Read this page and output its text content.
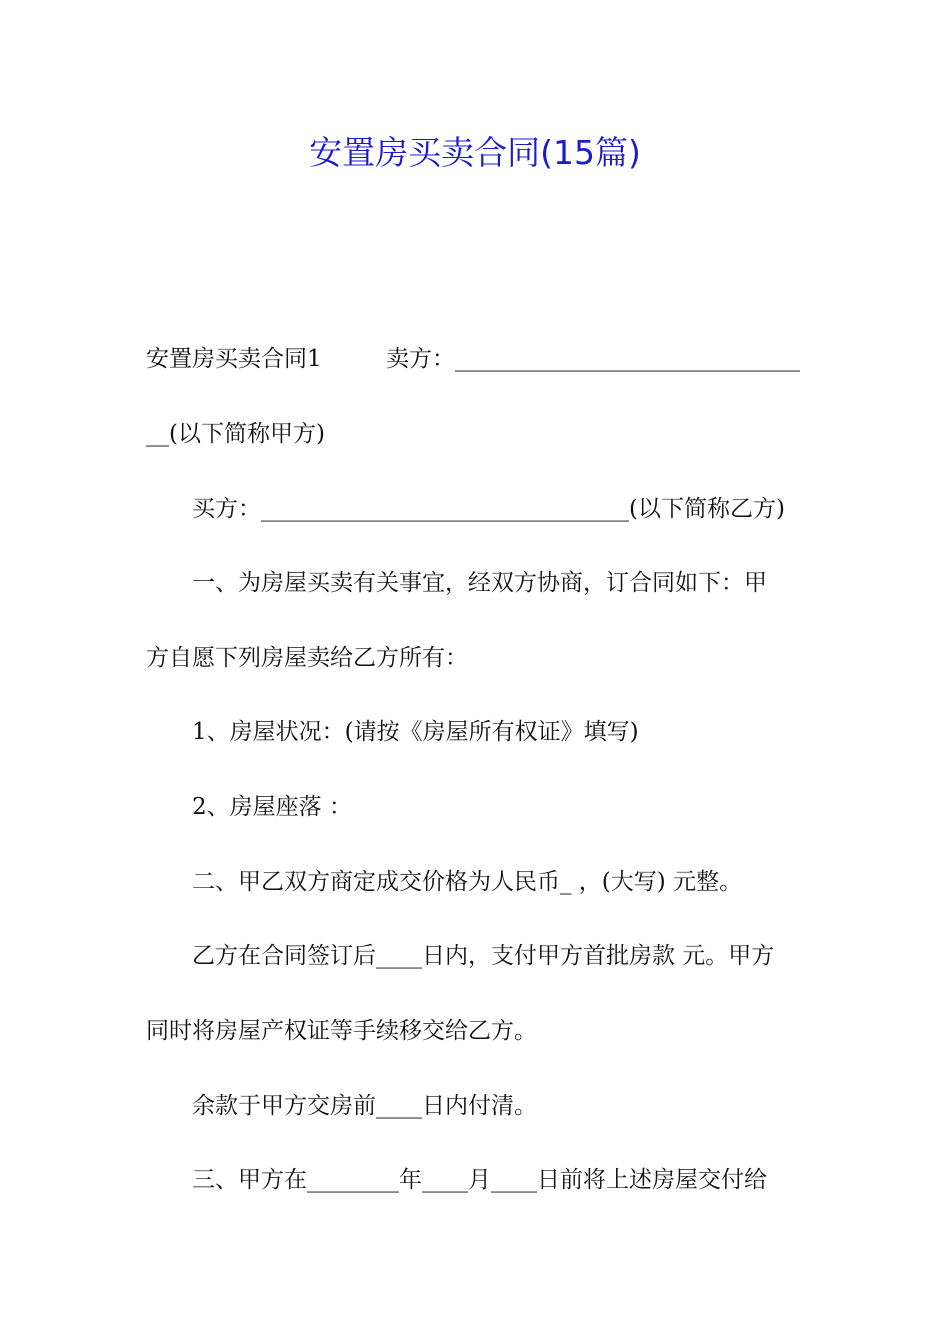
安置房买卖合同(15篇)
安置房买卖合同1	卖方：______________________________
__(以下简称甲方)
买方：________________________________(以下简称乙方)
一、为房屋买卖有关事宜，经双方协商，订合同如下：甲
方自愿下列房屋卖给乙方所有：
1、房屋状况：(请按《房屋所有权证》填写)
2、房屋座落 ：
二、甲乙双方商定成交价格为人民币_ ，(大写) 元整。
乙方在合同签订后____日内，支付甲方首批房款 元。甲方
同时将房屋产权证等手续移交给乙方。
余款于甲方交房前____日内付清。
三、甲方在________年____月____日前将上述房屋交付给
